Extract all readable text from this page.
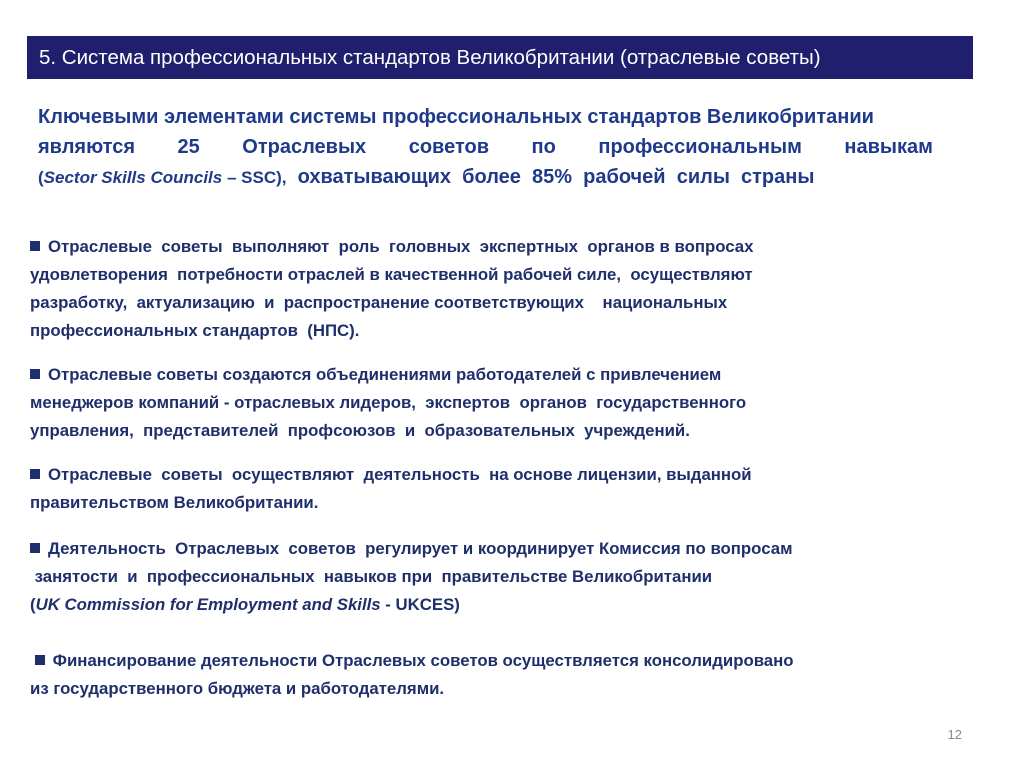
5. Система профессиональных стандартов Великобритании (отраслевые советы)
Ключевыми элементами системы профессиональных стандартов Великобритании
являются 25 Отраслевых советов по профессиональным навыкам
(Sector Skills Councils – SSC),  охватывающих  более  85%  рабочей  силы  страны
Отраслевые  советы  выполняют  роль  головных  экспертных  органов в вопросах
удовлетворения  потребности отраслей в качественной рабочей силе,  осуществляют
разработку,  актуализацию  и  распространение соответствующих    национальных
профессиональных стандартов  (НПС).
Отраслевые советы создаются объединениями работодателей с привлечением
менеджеров компаний - отраслевых лидеров,  экспертов  органов  государственного
управления,  представителей  профсоюзов  и  образовательных  учреждений.
Отраслевые  советы  осуществляют  деятельность  на основе лицензии, выданной
правительством Великобритании.
Деятельность  Отраслевых  советов  регулирует и координирует Комиссия по вопросам
занятости  и  профессиональных  навыков при  правительстве Великобритании
(UK Commission for Employment and Skills - UKCES)
Финансирование деятельности Отраслевых советов осуществляется консолидировано
из государственного бюджета и работодателями.
12
